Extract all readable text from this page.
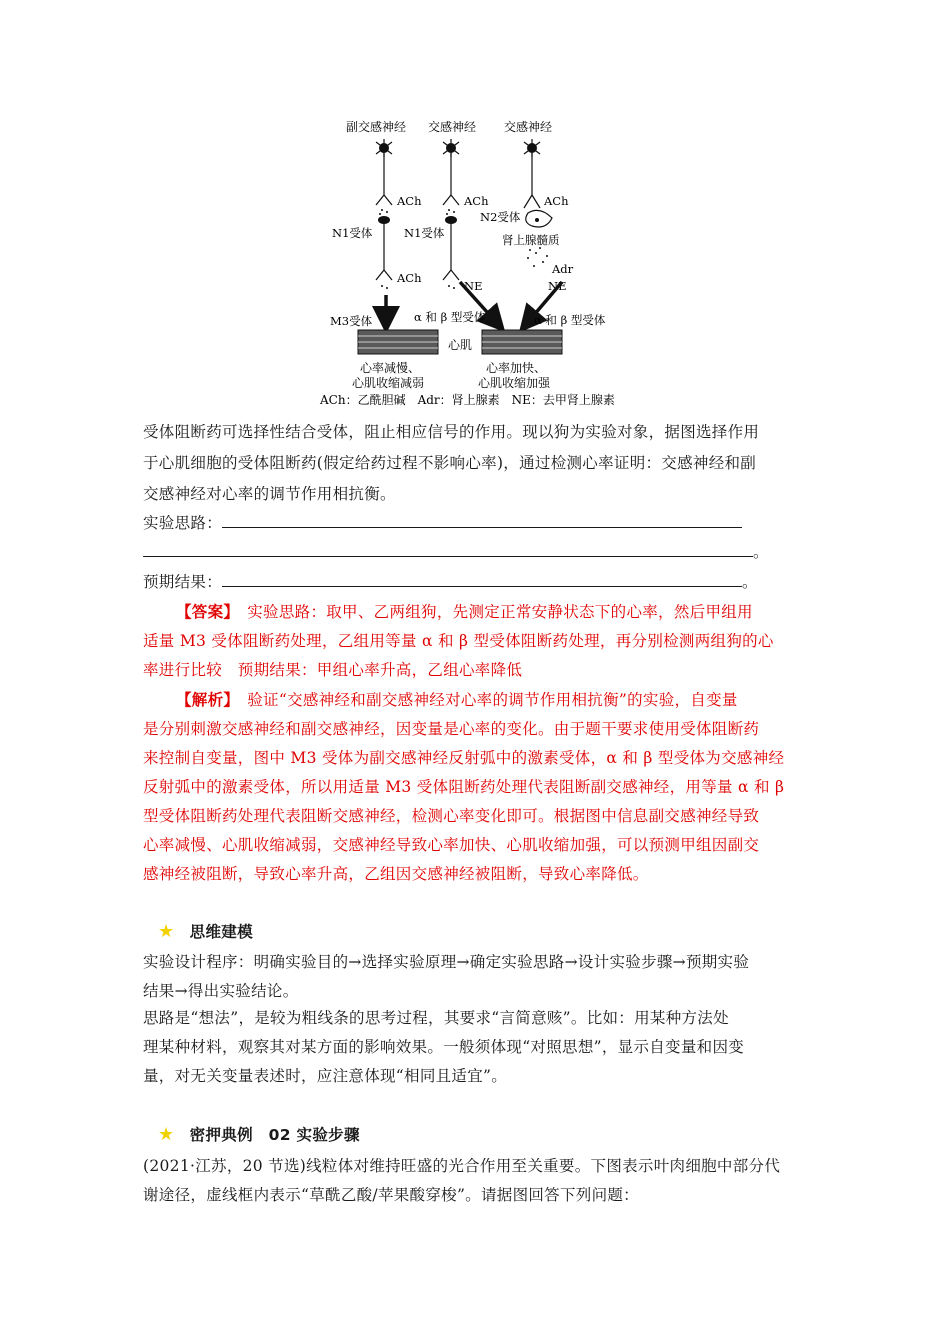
副交感神经 交感神经 交感神经
ACh	ACh	ACh
N1受体	N1受体
N2受体
肾上腺髓质
ACh
Adr
NE	NE
M3受体	α 和 β 型受体	α 和 β 型受体
心肌
心率减慢、
心肌收缩减弱
心率加快、
心肌收缩加强
ACh：乙酰胆碱　Adr：肾上腺素　NE：去甲肾上腺素
受体阻断药可选择性结合受体，阻止相应信号的作用。现以狗为实验对象，据图选择作用
于心肌细胞的受体阻断药(假定给药过程不影响心率)，通过检测心率证明：交感神经和副
交感神经对心率的调节作用相抗衡。
实验思路：
。
预期结果：	。
【答案】　实验思路：取甲、乙两组狗，先测定正常安静状态下的心率，然后甲组用
适量 M3 受体阻断药处理，乙组用等量 α 和 β 型受体阻断药处理，再分别检测两组狗的心
率进行比较　预期结果：甲组心率升高，乙组心率降低
【解析】　验证“交感神经和副交感神经对心率的调节作用相抗衡”的实验，自变量
是分别刺激交感神经和副交感神经，因变量是心率的变化。由于题干要求使用受体阻断药
来控制自变量，图中 M3 受体为副交感神经反射弧中的激素受体，α 和 β 型受体为交感神经
反射弧中的激素受体，所以用适量 M3 受体阻断药处理代表阻断副交感神经，用等量 α 和 β
型受体阻断药处理代表阻断交感神经，检测心率变化即可。根据图中信息副交感神经导致
心率减慢、心肌收缩减弱，交感神经导致心率加快、心肌收缩加强，可以预测甲组因副交
感神经被阻断，导致心率升高，乙组因交感神经被阻断，导致心率降低。
★ 思维建模
实验设计程序：明确实验目的→选择实验原理→确定实验思路→设计实验步骤→预期实验
结果→得出实验结论。
思路是“想法”，是较为粗线条的思考过程，其要求“言简意赅”。比如：用某种方法处
理某种材料，观察其对某方面的影响效果。一般须体现“对照思想”，显示自变量和因变
量，对无关变量表述时，应注意体现“相同且适宜”。
★ 密押典例　02 实验步骤
(2021·江苏，20 节选)线粒体对维持旺盛的光合作用至关重要。下图表示叶肉细胞中部分代
谢途径，虚线框内表示“草酰乙酸/苹果酸穿梭”。请据图回答下列问题：
